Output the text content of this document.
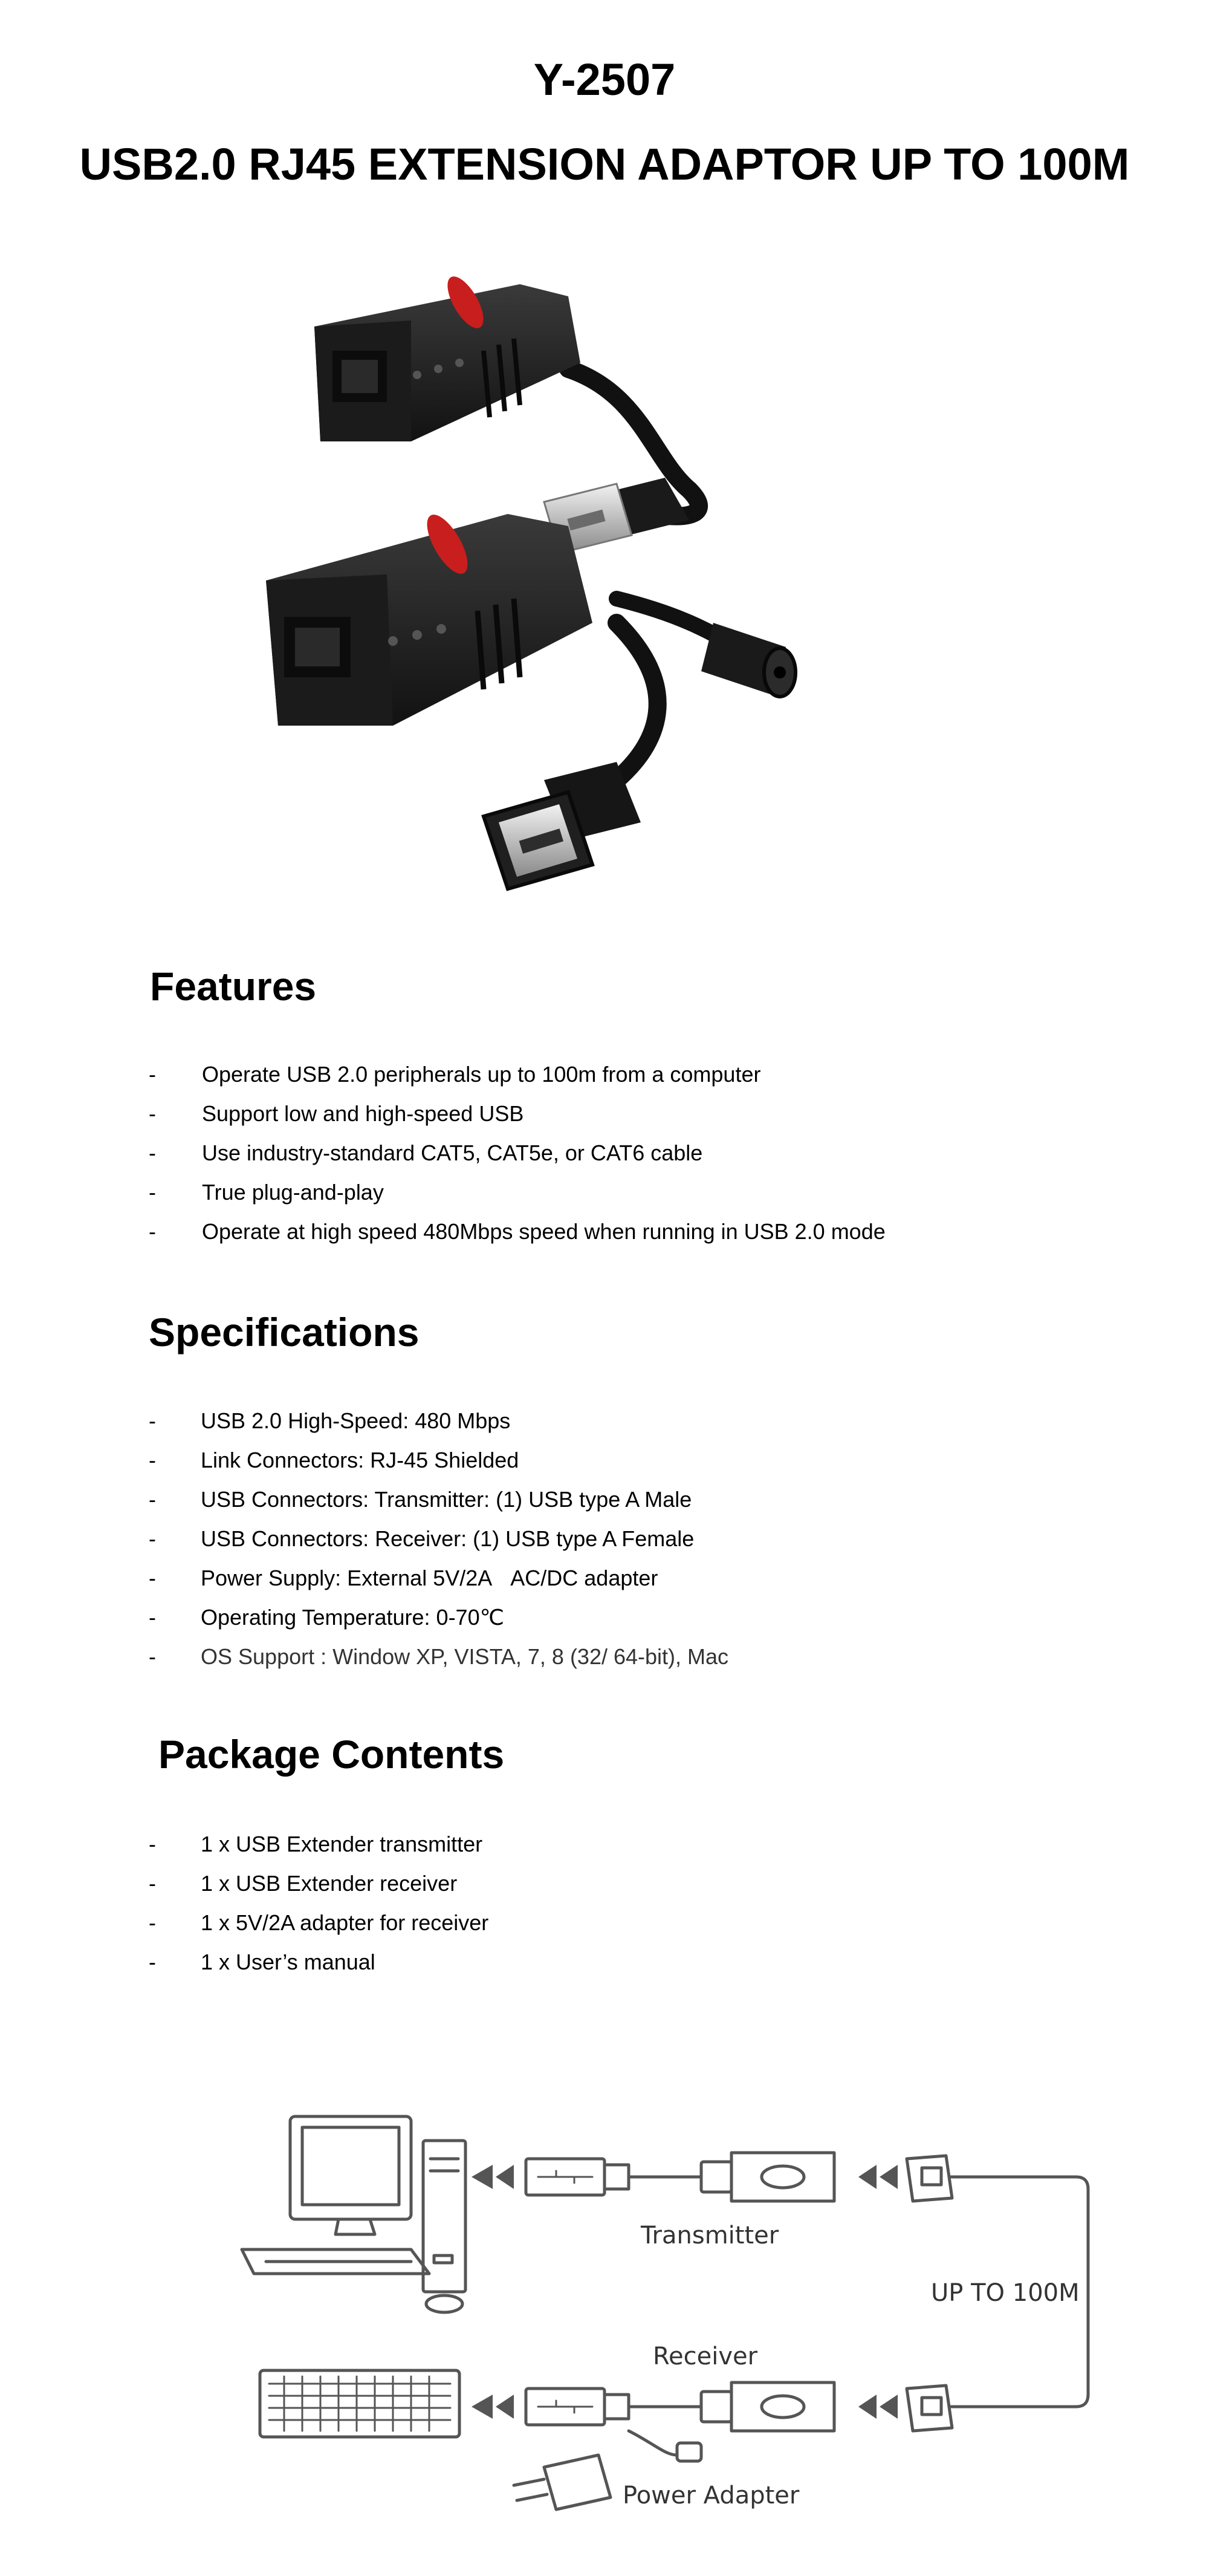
Y-2507
USB2.0 RJ45 EXTENSION ADAPTOR UP TO 100M
Features
- Operate USB 2.0 peripherals up to 100m from a computer
- Support low and high-speed USB
- Use industry-standard CAT5, CAT5e, or CAT6 cable
- True plug-and-play
- Operate at high speed 480Mbps speed when running in USB 2.0 mode
Specifications
- USB 2.0 High-Speed: 480 Mbps
- Link Connectors: RJ-45 Shielded
- USB Connectors: Transmitter: (1) USB type A Male
- USB Connectors: Receiver: (1) USB type A Female
- Power Supply: External 5V/2A   AC/DC adapter
- Operating Temperature: 0-70℃
- OS Support : Window XP, VISTA, 7, 8 (32/ 64-bit), Mac
Package Contents
- 1 x USB Extender transmitter
- 1 x USB Extender receiver
- 1 x 5V/2A adapter for receiver
- 1 x User’s manual
Transmitter
Receiver
UP TO 100M
Power Adapter
